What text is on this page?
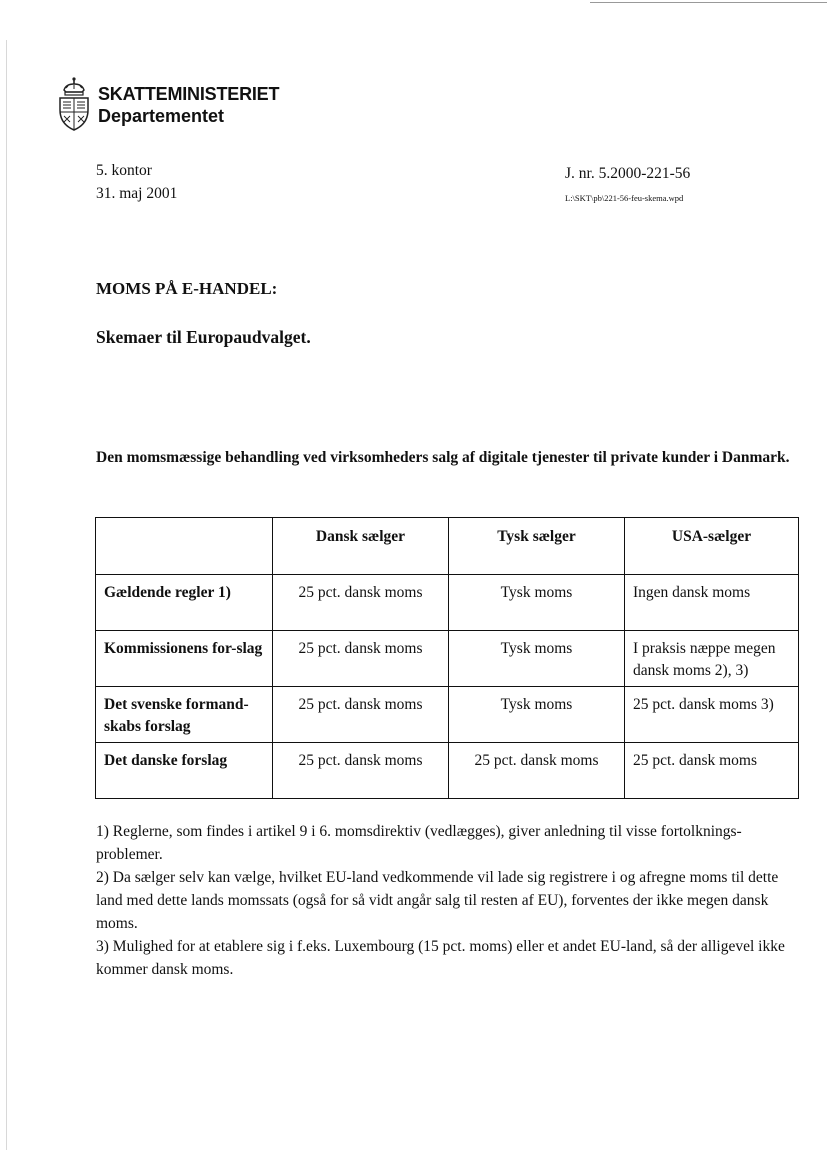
SKATTEMINISTERIET
Departementet
5. kontor
31. maj 2001
J. nr. 5.2000-221-56
L:\SKT\pb\221-56-feu-skema.wpd
MOMS PÅ E-HANDEL:
Skemaer til Europaudvalget.
Den momsmæssige behandling ved virksomheders salg af digitale tjenester til private kunder i Danmark.
	Dansk sælger	Tysk sælger	USA-sælger
Gældende regler 1)	25 pct. dansk moms	Tysk moms	Ingen dansk moms
Kommissionens for-slag	25 pct. dansk moms	Tysk moms	I praksis næppe megen dansk moms 2), 3)
Det svenske formand-skabs forslag	25 pct. dansk moms	Tysk moms	25 pct. dansk moms 3)
Det danske forslag	25 pct. dansk moms	25 pct. dansk moms	25 pct. dansk moms

1) Reglerne, som findes i artikel 9 i 6. momsdirektiv (vedlægges), giver anledning til visse fortolknings-problemer.

2) Da sælger selv kan vælge, hvilket EU-land vedkommende vil lade sig registrere i og afregne moms til dette land med dette lands momssats (også for så vidt angår salg til resten af EU), forventes der ikke megen dansk moms.

3) Mulighed for at etablere sig i f.eks. Luxembourg (15 pct. moms) eller et andet EU-land, så der alligevel ikke kommer dansk moms.
